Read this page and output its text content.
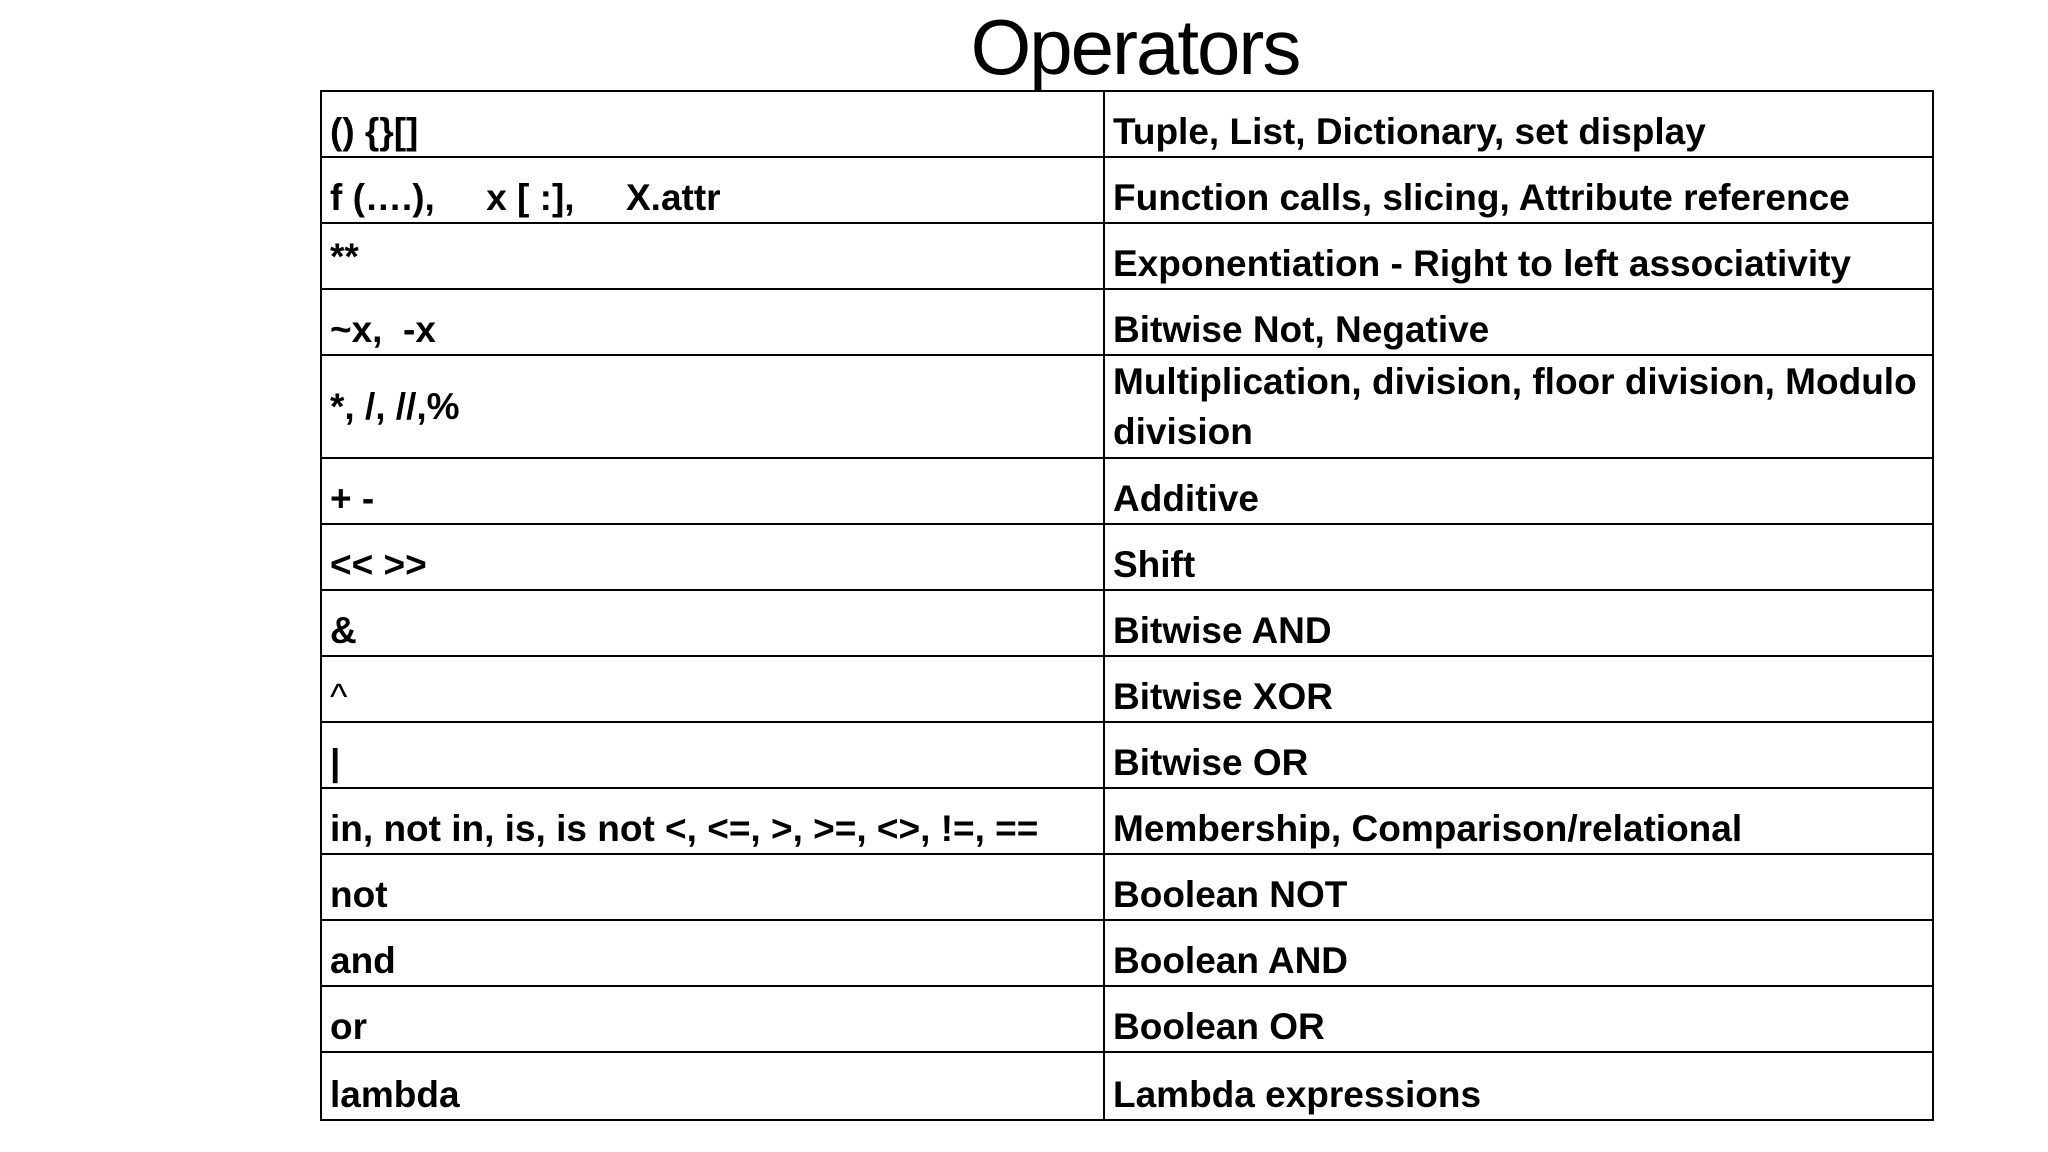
Operators
() {}[]	Tuple, List, Dictionary, set display
f (….),     x [ :],     X.attr	Function calls, slicing, Attribute reference
**	Exponentiation - Right to left associativity
~x,  -x	Bitwise Not, Negative
*, /, //,%	Multiplication, division, floor division, Modulo division
+ -	Additive
<< >>	Shift
&	Bitwise AND
^	Bitwise XOR
|	Bitwise OR
in, not in, is, is not <, <=, >, >=, <>, !=, ==	Membership, Comparison/relational
not	Boolean NOT
and	Boolean AND
or	Boolean OR
lambda	Lambda expressions
